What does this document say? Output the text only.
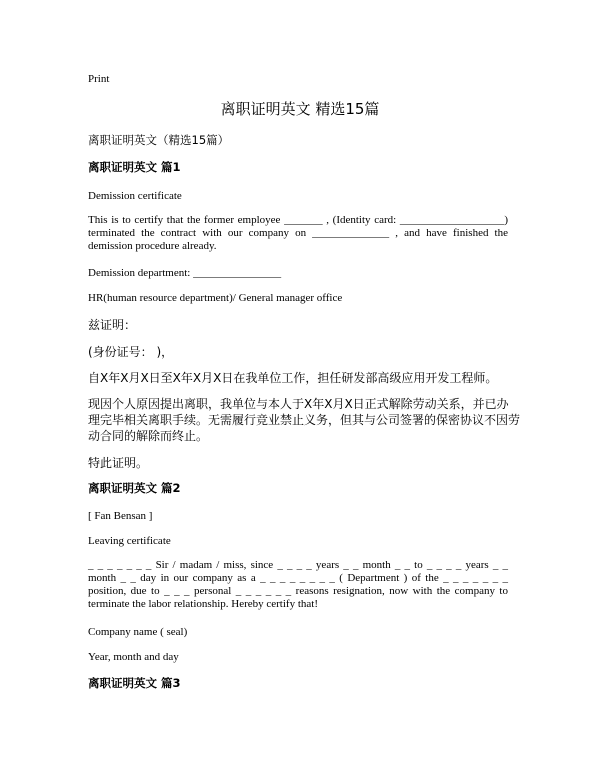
Print
离职证明英文 精选15篇
离职证明英文（精选15篇）
离职证明英文 篇1
Demission certificate
This is to certify that the former employee _______ , (Identity card: ___________________)
terminated the contract with our company on ______________ , and have finished the
demission procedure already.
Demission department: ________________
HR(human resource department)/ General manager office
兹证明：
(身份证号： )，
自X年X月X日至X年X月X日在我单位工作，担任研发部高级应用开发工程师。
现因个人原因提出离职，我单位与本人于X年X月X日正式解除劳动关系，并已办
理完毕相关离职手续。无需履行竞业禁止义务，但其与公司签署的保密协议不因劳
动合同的解除而终止。
特此证明。
离职证明英文 篇2
[ Fan Bensan ]
Leaving certificate
_ _ _ _ _ _ _ Sir / madam / miss, since _ _ _ _ years _ _ month _ _ to _ _ _ _ years _ _
month _ _ day in our company as a _ _ _ _ _ _ _ _ ( Department ) of the _ _ _ _ _ _ _
position, due to _ _ _ personal _ _ _ _ _ _ reasons resignation, now with the company to
terminate the labor relationship. Hereby certify that!
Company name ( seal)
Year, month and day
离职证明英文 篇3
